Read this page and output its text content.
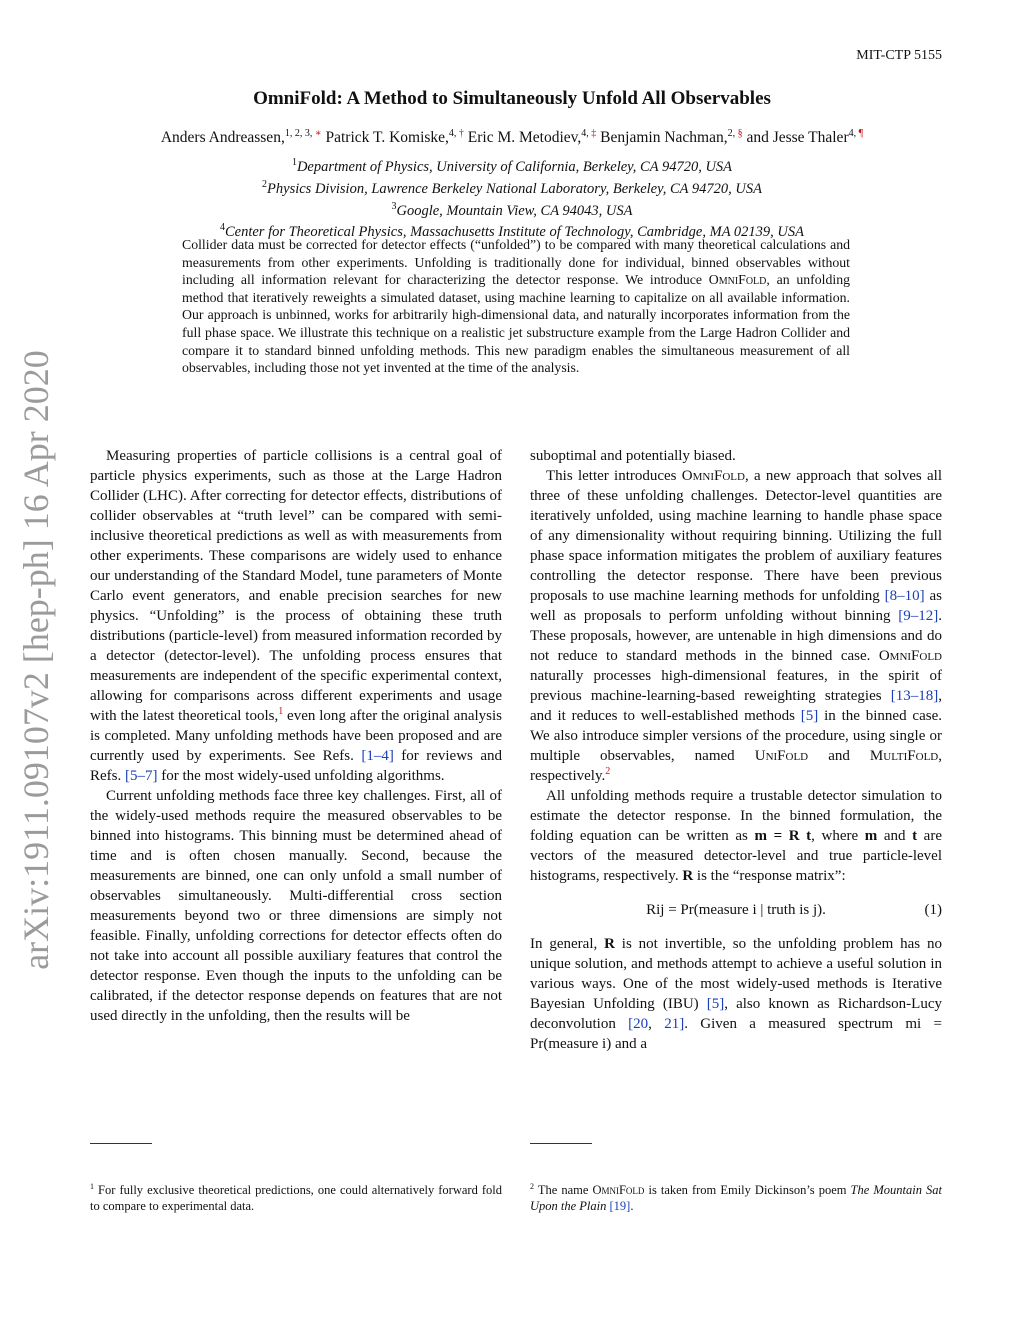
MIT-CTP 5155
arXiv:1911.09107v2 [hep-ph] 16 Apr 2020
OmniFold: A Method to Simultaneously Unfold All Observables
Anders Andreassen,$^{1, 2, 3,}$ ∗ Patrick T. Komiske,$^{4,}$ † Eric M. Metodiev,$^{4,}$ ‡ Benjamin Nachman,$^{2,}$ § and Jesse Thaler$^{4,}$ ¶
$^1$Department of Physics, University of California, Berkeley, CA 94720, USA
$^2$Physics Division, Lawrence Berkeley National Laboratory, Berkeley, CA 94720, USA
$^3$Google, Mountain View, CA 94043, USA
$^4$Center for Theoretical Physics, Massachusetts Institute of Technology, Cambridge, MA 02139, USA
Collider data must be corrected for detector effects (“unfolded”) to be compared with many theoretical calculations and measurements from other experiments. Unfolding is traditionally done for individual, binned observables without including all information relevant for characterizing the detector response. We introduce OmniFold, an unfolding method that iteratively reweights a simulated dataset, using machine learning to capitalize on all available information. Our approach is unbinned, works for arbitrarily high-dimensional data, and naturally incorporates information from the full phase space. We illustrate this technique on a realistic jet substructure example from the Large Hadron Collider and compare it to standard binned unfolding methods. This new paradigm enables the simultaneous measurement of all observables, including those not yet invented at the time of the analysis.

Measuring properties of particle collisions is a central goal of particle physics experiments, such as those at the Large Hadron Collider (LHC). After correcting for detector effects, distributions of collider observables at “truth level” can be compared with semi-inclusive theoretical predictions as well as with measurements from other experiments. These comparisons are widely used to enhance our understanding of the Standard Model, tune parameters of Monte Carlo event generators, and enable precision searches for new physics. “Unfolding” is the process of obtaining these truth distributions (particle-level) from measured information recorded by a detector (detector-level). The unfolding process ensures that measurements are independent of the specific experimental context, allowing for comparisons across different experiments and usage with the latest theoretical tools,$^1$ even long after the original analysis is completed. Many unfolding methods have been proposed and are currently used by experiments. See Refs. [1–4] for reviews and Refs. [5–7] for the most widely-used unfolding algorithms.

Current unfolding methods face three key challenges. First, all of the widely-used methods require the measured observables to be binned into histograms. This binning must be determined ahead of time and is often chosen manually. Second, because the measurements are binned, one can only unfold a small number of observables simultaneously. Multi-differential cross section measurements beyond two or three dimensions are simply not feasible. Finally, unfolding corrections for detector effects often do not take into account all possible auxiliary features that control the detector response. Even though the inputs to the unfolding can be calibrated, if the detector response depends on features that are not used directly in the unfolding, then the results will be

suboptimal and potentially biased.

This letter introduces OmniFold, a new approach that solves all three of these unfolding challenges. Detector-level quantities are iteratively unfolded, using machine learning to handle phase space of any dimensionality without requiring binning. Utilizing the full phase space information mitigates the problem of auxiliary features controlling the detector response. There have been previous proposals to use machine learning methods for unfolding [8–10] as well as proposals to perform unfolding without binning [9–12]. These proposals, however, are untenable in high dimensions and do not reduce to standard methods in the binned case. OmniFold naturally processes high-dimensional features, in the spirit of previous machine-learning-based reweighting strategies [13–18], and it reduces to well-established methods [5] in the binned case. We also introduce simpler versions of the procedure, using single or multiple observables, named UniFold and MultiFold, respectively.$^2$

All unfolding methods require a trustable detector simulation to estimate the detector response. In the binned formulation, the folding equation can be written as m = R t, where m and t are vectors of the measured detector-level and true particle-level histograms, respectively. R is the “response matrix”:

Rij = Pr(measure i | truth is j).	(1)

In general, R is not invertible, so the unfolding problem has no unique solution, and methods attempt to achieve a useful solution in various ways. One of the most widely-used methods is Iterative Bayesian Unfolding (IBU) [5], also known as Richardson-Lucy deconvolution [20, 21]. Given a measured spectrum mi = Pr(measure i) and a

$^1$ For fully exclusive theoretical predictions, one could alternatively forward fold to compare to experimental data.
$^2$ The name OmniFold is taken from Emily Dickinson’s poem The Mountain Sat Upon the Plain [19].
